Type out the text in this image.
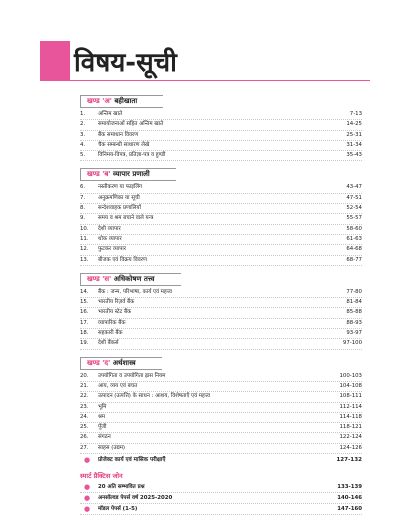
विषय-सूची
खण्ड 'अ' बहीखाता
1.	अन्तिम खाते	7-13
2.	समायोजनाओं सहित अन्तिम खाते	14-25
3.	बैंक समाधान विवरण	25-31
4.	चैक सम्बन्धी साधारण लेखे	31-34
5.	विनिमय-विपत्र, प्रतिज्ञा-पत्र व हुण्डी	35-43
खण्ड 'ब' व्यापार प्रणाली
6.	नस्तीकरण या फाइलिंग	43-47
7.	अनुक्रमणिका या सूची	47-51
8.	सन्देशवाहक प्रणालियाँ	52-54
9.	समय व श्रम बचाने वाले यन्त्र	55-57
10.	देशी व्यापार	58-60
11.	थोक व्यापार	61-63
12.	फुटकर व्यापार	64-68
13.	बीजक एवं विक्रय विवरण	68-77
खण्ड 'स' अधिकोषण तत्त्व
14.	बैंक : जन्म, परिभाषा, कार्य एवं महत्त्व	77-80
15.	भारतीय रिज़र्व बैंक	81-84
16.	भारतीय स्टेट बैंक	85-88
17.	व्यापारिक बैंक	88-93
18.	सहकारी बैंक	93-97
19.	देशी बैंकर्स	97-100
खण्ड 'द' अर्थशास्त्र
20.	उपयोगिता व उपयोगिता ह्रास नियम	100-103
21.	आय, व्यय एवं बचत	104-108
22.	उत्पादन (उत्पत्ति) के साधन : आशय, विशेषताएँ एवं महत्त्व	108-111
23.	भूमि	112-114
24.	श्रम	114-118
25.	पूँजी	118-121
26.	संगठन	122-124
27.	साहस (उद्यम)	124-126
● प्रोजेक्ट कार्य एवं मासिक परीक्षाएँ	127-132
स्मार्ट प्रैक्टिस जोन
● 20 अति सम्भावित प्रश्न	133-139
● अनसॉल्वड पेपर्स वर्ष 2025-2020	140-146
● मॉडल पेपर्स (1-5)	147-160
